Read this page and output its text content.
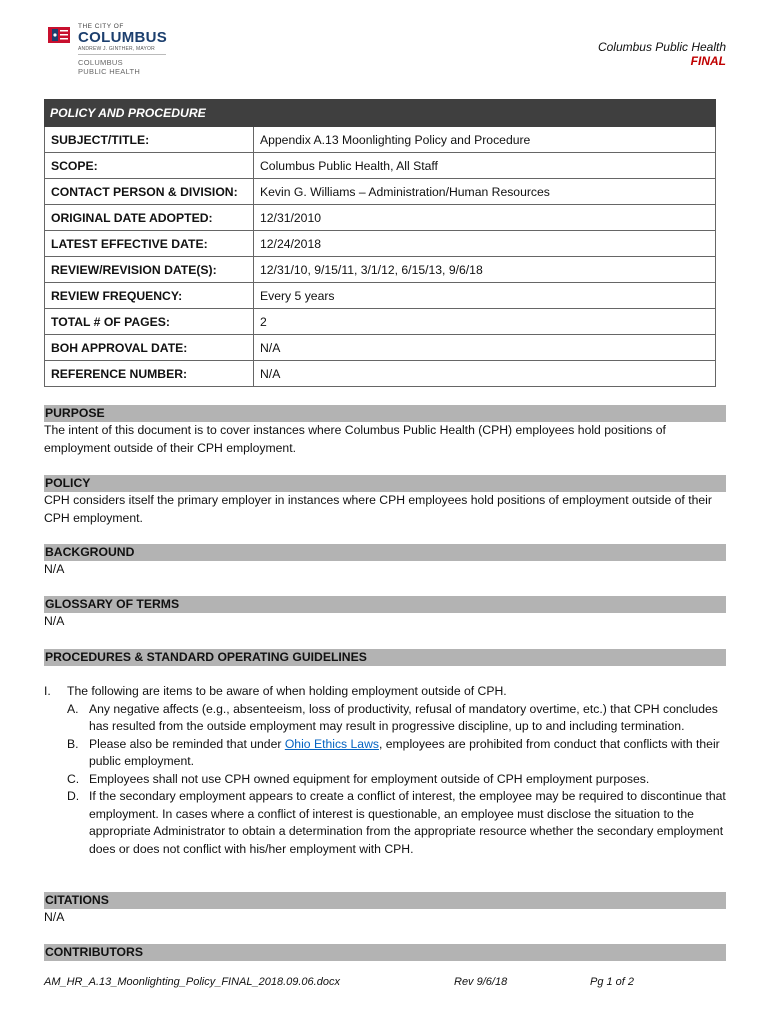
THE CITY OF
COLUMBUS
ANDREW J. GINTHER, MAYOR
COLUMBUS
PUBLIC HEALTH
Columbus Public Health
FINAL
POLICY AND PROCEDURE	
SUBJECT/TITLE:	Appendix A.13 Moonlighting Policy and Procedure
SCOPE:	Columbus Public Health, All Staff
CONTACT PERSON & DIVISION:	Kevin G. Williams – Administration/Human Resources
ORIGINAL DATE ADOPTED:	12/31/2010
LATEST EFFECTIVE DATE:	12/24/2018
REVIEW/REVISION DATE(S):	12/31/10, 9/15/11, 3/1/12, 6/15/13, 9/6/18
REVIEW FREQUENCY:	Every 5 years
TOTAL # OF PAGES:	2
BOH APPROVAL DATE:	N/A
REFERENCE NUMBER:	N/A
PURPOSE

The intent of this document is to cover instances where Columbus Public Health (CPH) employees hold positions of employment outside of their CPH employment.

POLICY

CPH considers itself the primary employer in instances where CPH employees hold positions of employment outside of their CPH employment.

BACKGROUND

N/A

GLOSSARY OF TERMS

N/A

PROCEDURES & STANDARD OPERATING GUIDELINES
I. The following are items to be aware of when holding employment outside of CPH.
A. Any negative affects (e.g., absenteeism, loss of productivity, refusal of mandatory overtime, etc.) that CPH concludes has resulted from the outside employment may result in progressive discipline, up to and including termination.
B. Please also be reminded that under Ohio Ethics Laws, employees are prohibited from conduct that conflicts with their public employment.
C. Employees shall not use CPH owned equipment for employment outside of CPH employment purposes.
D. If the secondary employment appears to create a conflict of interest, the employee may be required to discontinue that employment. In cases where a conflict of interest is questionable, an employee must disclose the situation to the appropriate Administrator to obtain a determination from the appropriate resource whether the secondary employment does or does not conflict with his/her employment with CPH.
CITATIONS

N/A

CONTRIBUTORS
AM_HR_A.13_Moonlighting_Policy_FINAL_2018.09.06.docx	Rev 9/6/18	Pg 1 of 2
